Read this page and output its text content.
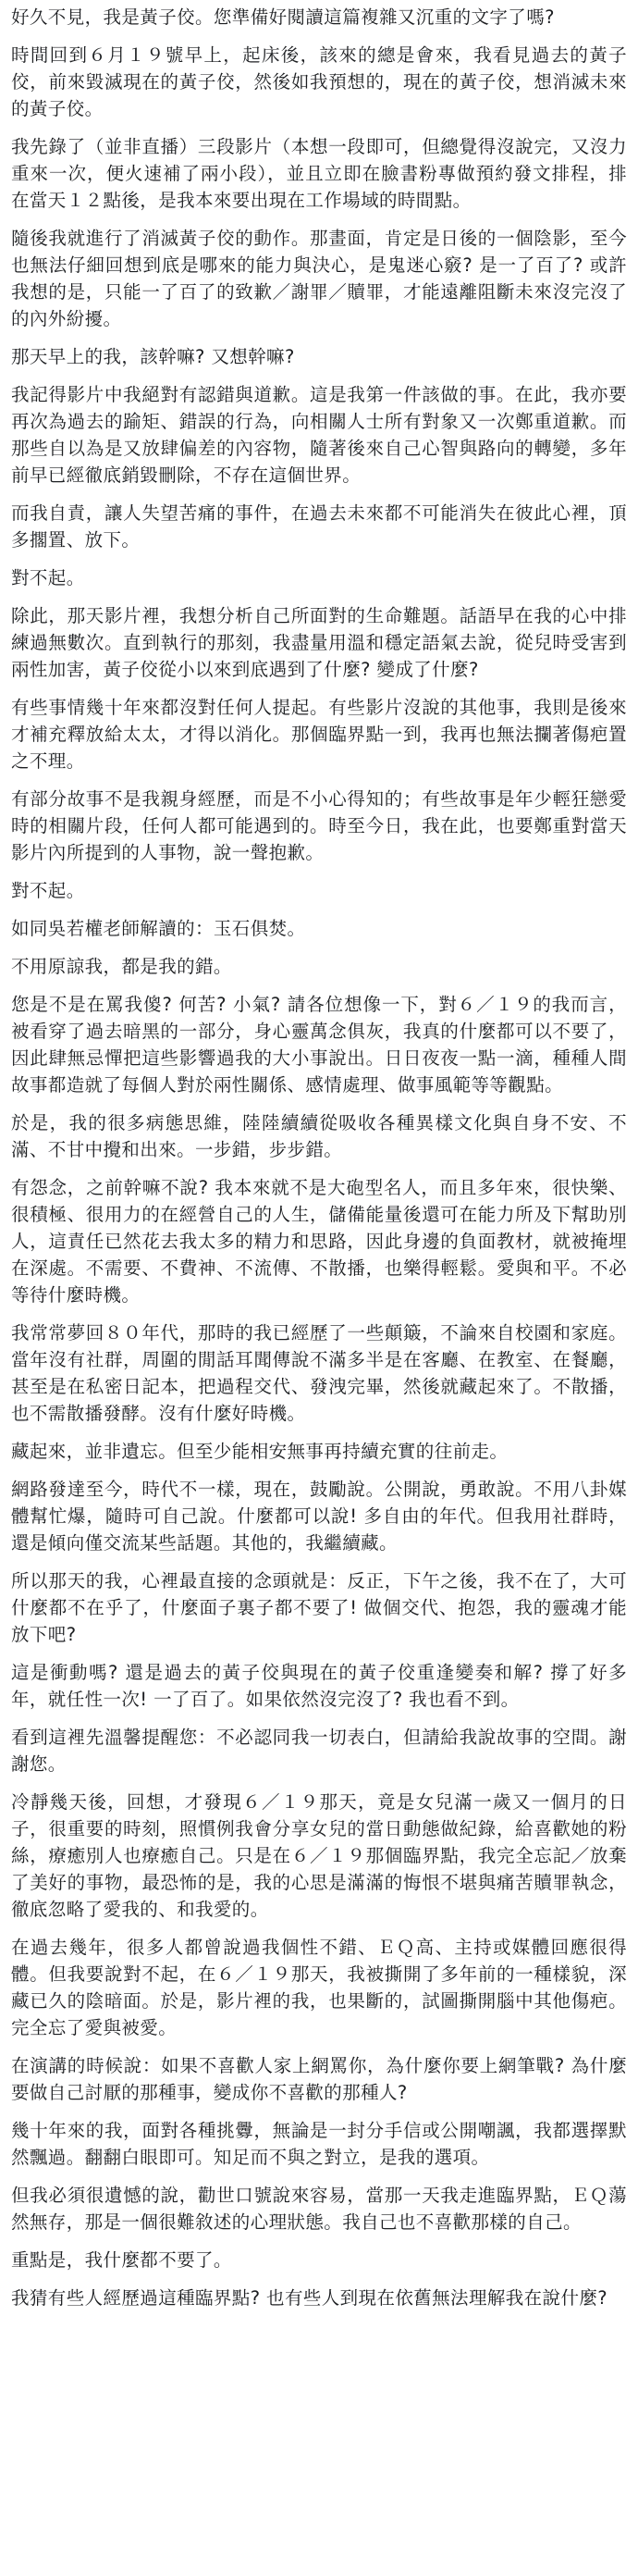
好久不見，我是黃子佼。您準備好閱讀這篇複雜又沉重的文字了嗎?

時間回到６月１９號早上，起床後，該來的總是會來，我看見過去的黃子佼，前來毀滅現在的黃子佼，然後如我預想的，現在的黃子佼，想消滅未來的黃子佼。

我先錄了（並非直播）三段影片（本想一段即可，但總覺得沒說完，又沒力重來一次，便火速補了兩小段），並且立即在臉書粉專做預約發文排程，排在當天１２點後，是我本來要出現在工作場域的時間點。

隨後我就進行了消滅黃子佼的動作。那畫面，肯定是日後的一個陰影，至今也無法仔細回想到底是哪來的能力與決心，是鬼迷心竅? 是一了百了? 或許我想的是，只能一了百了的致歉／謝罪／贖罪，才能遠離阻斷未來沒完沒了的內外紛擾。

那天早上的我，該幹嘛? 又想幹嘛?

我記得影片中我絕對有認錯與道歉。這是我第一件該做的事。在此，我亦要再次為過去的踰矩、錯誤的行為，向相關人士所有對象又一次鄭重道歉。而那些自以為是又放肆偏差的內容物，隨著後來自己心智與路向的轉變，多年前早已經徹底銷毀刪除，不存在這個世界。

而我自責，讓人失望苦痛的事件，在過去未來都不可能消失在彼此心裡，頂多擱置、放下。

對不起。

除此，那天影片裡，我想分析自己所面對的生命難題。話語早在我的心中排練過無數次。直到執行的那刻，我盡量用溫和穩定語氣去說，從兒時受害到兩性加害，黃子佼從小以來到底遇到了什麼? 變成了什麼?

有些事情幾十年來都沒對任何人提起。有些影片沒說的其他事，我則是後來才補充釋放給太太，才得以消化。那個臨界點一到，我再也無法攔著傷疤置之不理。

有部分故事不是我親身經歷，而是不小心得知的；有些故事是年少輕狂戀愛時的相關片段，任何人都可能遇到的。時至今日，我在此，也要鄭重對當天影片內所提到的人事物，說一聲抱歉。

對不起。

如同吳若權老師解讀的：玉石俱焚。

不用原諒我，都是我的錯。

您是不是在罵我傻? 何苦? 小氣? 請各位想像一下，對６／１９的我而言，被看穿了過去暗黑的一部分，身心靈萬念俱灰，我真的什麼都可以不要了，因此肆無忌憚把這些影響過我的大小事說出。日日夜夜一點一滴，種種人間故事都造就了每個人對於兩性關係、感情處理、做事風範等等觀點。

於是，我的很多病態思維，陸陸續續從吸收各種異樣文化與自身不安、不滿、不甘中攪和出來。一步錯，步步錯。

有怨念，之前幹嘛不說? 我本來就不是大砲型名人，而且多年來，很快樂、很積極、很用力的在經營自己的人生，儲備能量後還可在能力所及下幫助別人，這責任已然花去我太多的精力和思路，因此身邊的負面教材，就被掩埋在深處。不需要、不費神、不流傳、不散播，也樂得輕鬆。愛與和平。不必等待什麼時機。

我常常夢回８０年代，那時的我已經歷了一些顛簸，不論來自校園和家庭。當年沒有社群，周圍的閒話耳聞傳說不滿多半是在客廳、在教室、在餐廳，甚至是在私密日記本，把過程交代、發洩完畢，然後就藏起來了。不散播，也不需散播發酵。沒有什麼好時機。

藏起來，並非遺忘。但至少能相安無事再持續充實的往前走。

網路發達至今，時代不一樣，現在，鼓勵說。公開說，勇敢說。不用八卦媒體幫忙爆，隨時可自己說。什麼都可以說! 多自由的年代。但我用社群時，還是傾向僅交流某些話題。其他的，我繼續藏。

所以那天的我，心裡最直接的念頭就是：反正，下午之後，我不在了，大可什麼都不在乎了，什麼面子裏子都不要了! 做個交代、抱怨，我的靈魂才能放下吧?

這是衝動嗎? 還是過去的黃子佼與現在的黃子佼重逢變奏和解? 撐了好多年，就任性一次! 一了百了。如果依然沒完沒了? 我也看不到。

看到這裡先溫馨提醒您：不必認同我一切表白，但請給我說故事的空間。謝謝您。

冷靜幾天後，回想，才發現６／１９那天，竟是女兒滿一歲又一個月的日子，很重要的時刻，照慣例我會分享女兒的當日動態做紀錄，給喜歡她的粉絲，療癒別人也療癒自己。只是在６／１９那個臨界點，我完全忘記／放棄了美好的事物，最恐怖的是，我的心思是滿滿的悔恨不堪與痛苦贖罪執念，徹底忽略了愛我的、和我愛的。

在過去幾年，很多人都曾說過我個性不錯、ＥＱ高、主持或媒體回應很得體。但我要說對不起，在６／１９那天，我被撕開了多年前的一種樣貌，深藏已久的陰暗面。於是，影片裡的我，也果斷的，試圖撕開腦中其他傷疤。完全忘了愛與被愛。

在演講的時候說：如果不喜歡人家上網罵你，為什麼你要上網筆戰? 為什麼要做自己討厭的那種事，變成你不喜歡的那種人?

幾十年來的我，面對各種挑釁，無論是一封分手信或公開嘲諷，我都選擇默然飄過。翻翻白眼即可。知足而不與之對立，是我的選項。

但我必須很遺憾的說，勸世口號說來容易，當那一天我走進臨界點，ＥＱ蕩然無存，那是一個很難敘述的心理狀態。我自己也不喜歡那樣的自己。

重點是，我什麼都不要了。

我猜有些人經歷過這種臨界點? 也有些人到現在依舊無法理解我在說什麼?
